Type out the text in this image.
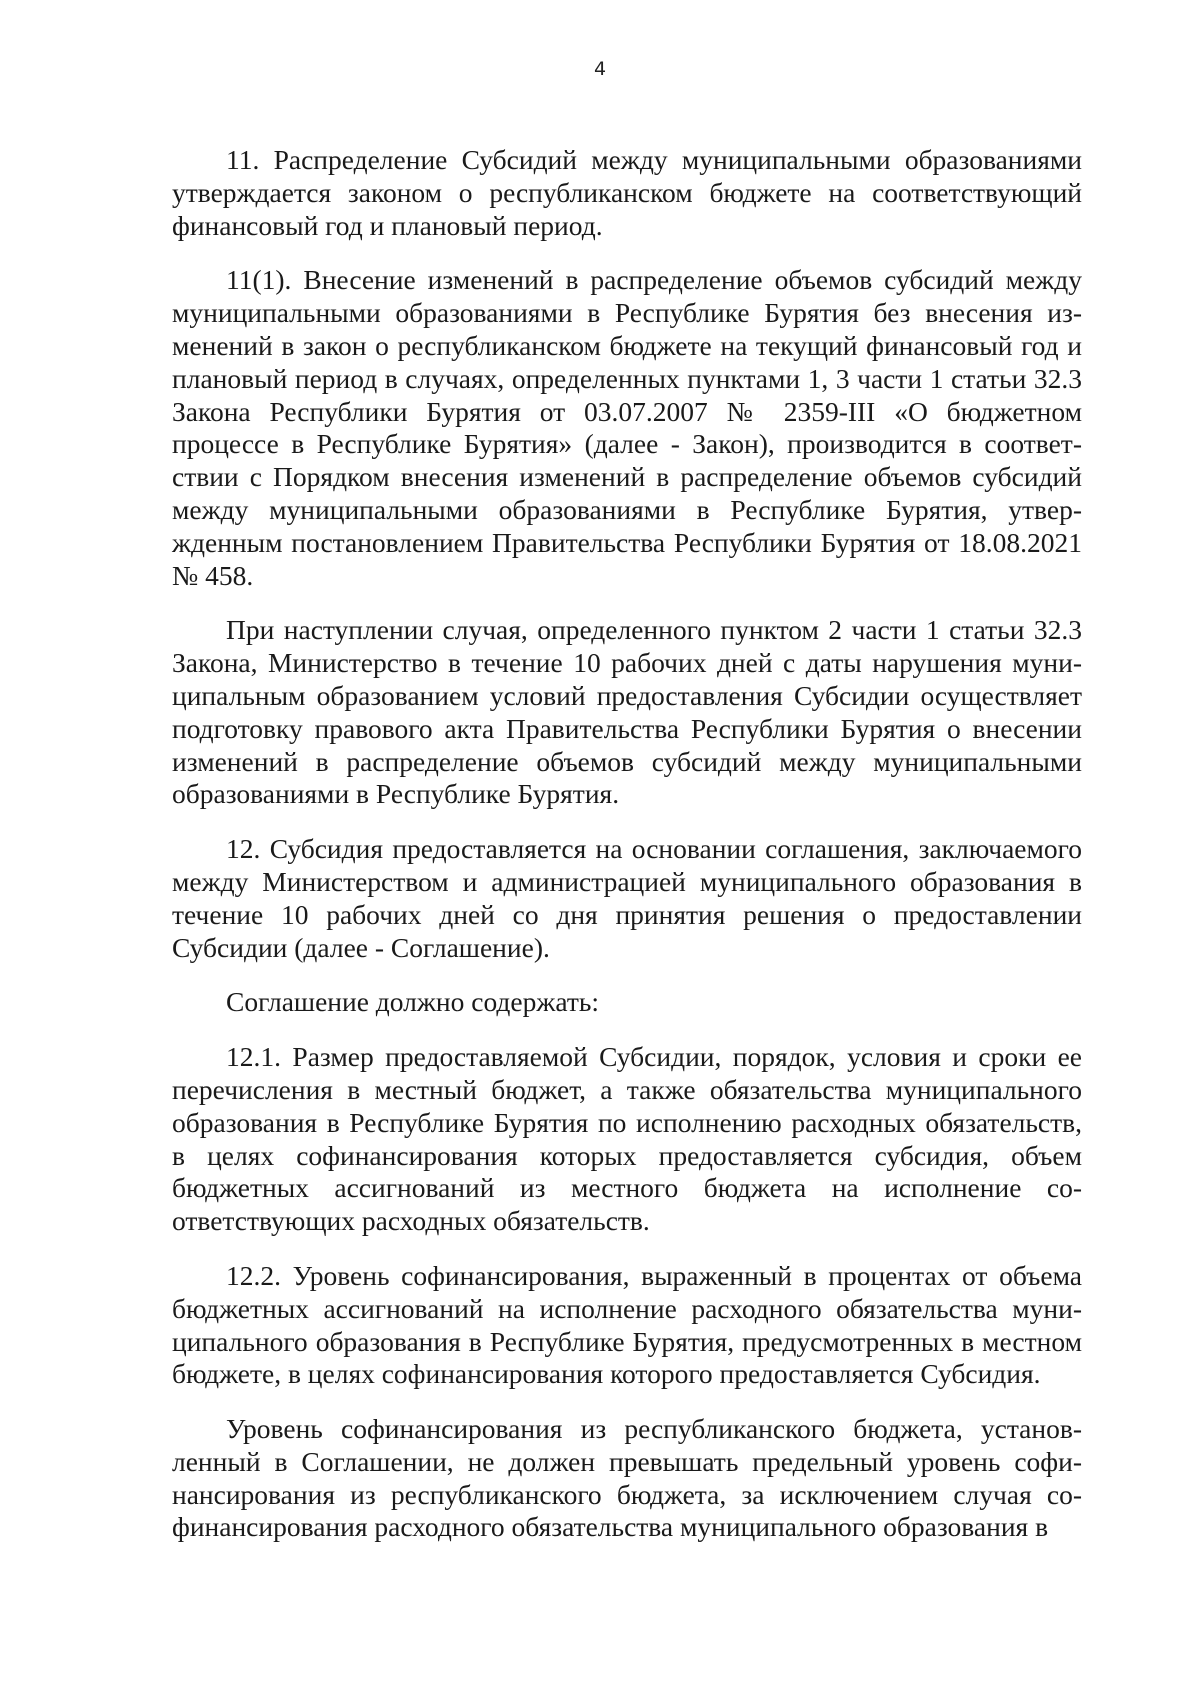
4

11. Распределение Субсидий между муниципальными образованиями утверждается законом о республиканском бюджете на соответствующий финансовый год и плановый период.

11(1). Внесение изменений в распределение объемов субсидий между муниципальными образованиями в Республике Бурятия без внесения изменений в закон о республиканском бюджете на текущий финансовый год и плановый период в случаях, определенных пунктами 1, 3 части 1 статьи 32.3 Закона Республики Бурятия от 03.07.2007 № 2359-III «О бюджетном процессе в Республике Бурятия» (далее - Закон), производится в соответствии с Порядком внесения изменений в распределение объемов субсидий между муниципальными образованиями в Республике Бурятия, утвержденным постановлением Правительства Республики Бурятия от 18.08.2021 № 458.

При наступлении случая, определенного пунктом 2 части 1 статьи 32.3 Закона, Министерство в течение 10 рабочих дней с даты нарушения муниципальным образованием условий предоставления Субсидии осуществляет подготовку правового акта Правительства Республики Бурятия о внесении изменений в распределение объемов субсидий между муниципальными образованиями в Республике Бурятия.

12. Субсидия предоставляется на основании соглашения, заключаемого между Министерством и администрацией муниципального образования в течение 10 рабочих дней со дня принятия решения о предоставлении Субсидии (далее - Соглашение).

Соглашение должно содержать:

12.1. Размер предоставляемой Субсидии, порядок, условия и сроки ее перечисления в местный бюджет, а также обязательства муниципального образования в Республике Бурятия по исполнению расходных обязательств, в целях софинансирования которых предоставляется субсидия, объем бюджетных ассигнований из местного бюджета на исполнение соответствующих расходных обязательств.

12.2. Уровень софинансирования, выраженный в процентах от объема бюджетных ассигнований на исполнение расходного обязательства муниципального образования в Республике Бурятия, предусмотренных в местном бюджете, в целях софинансирования которого предоставляется Субсидия.

Уровень софинансирования из республиканского бюджета, установленный в Соглашении, не должен превышать предельный уровень софинансирования из республиканского бюджета, за исключением случая софинансирования расходного обязательства муниципального образования в
